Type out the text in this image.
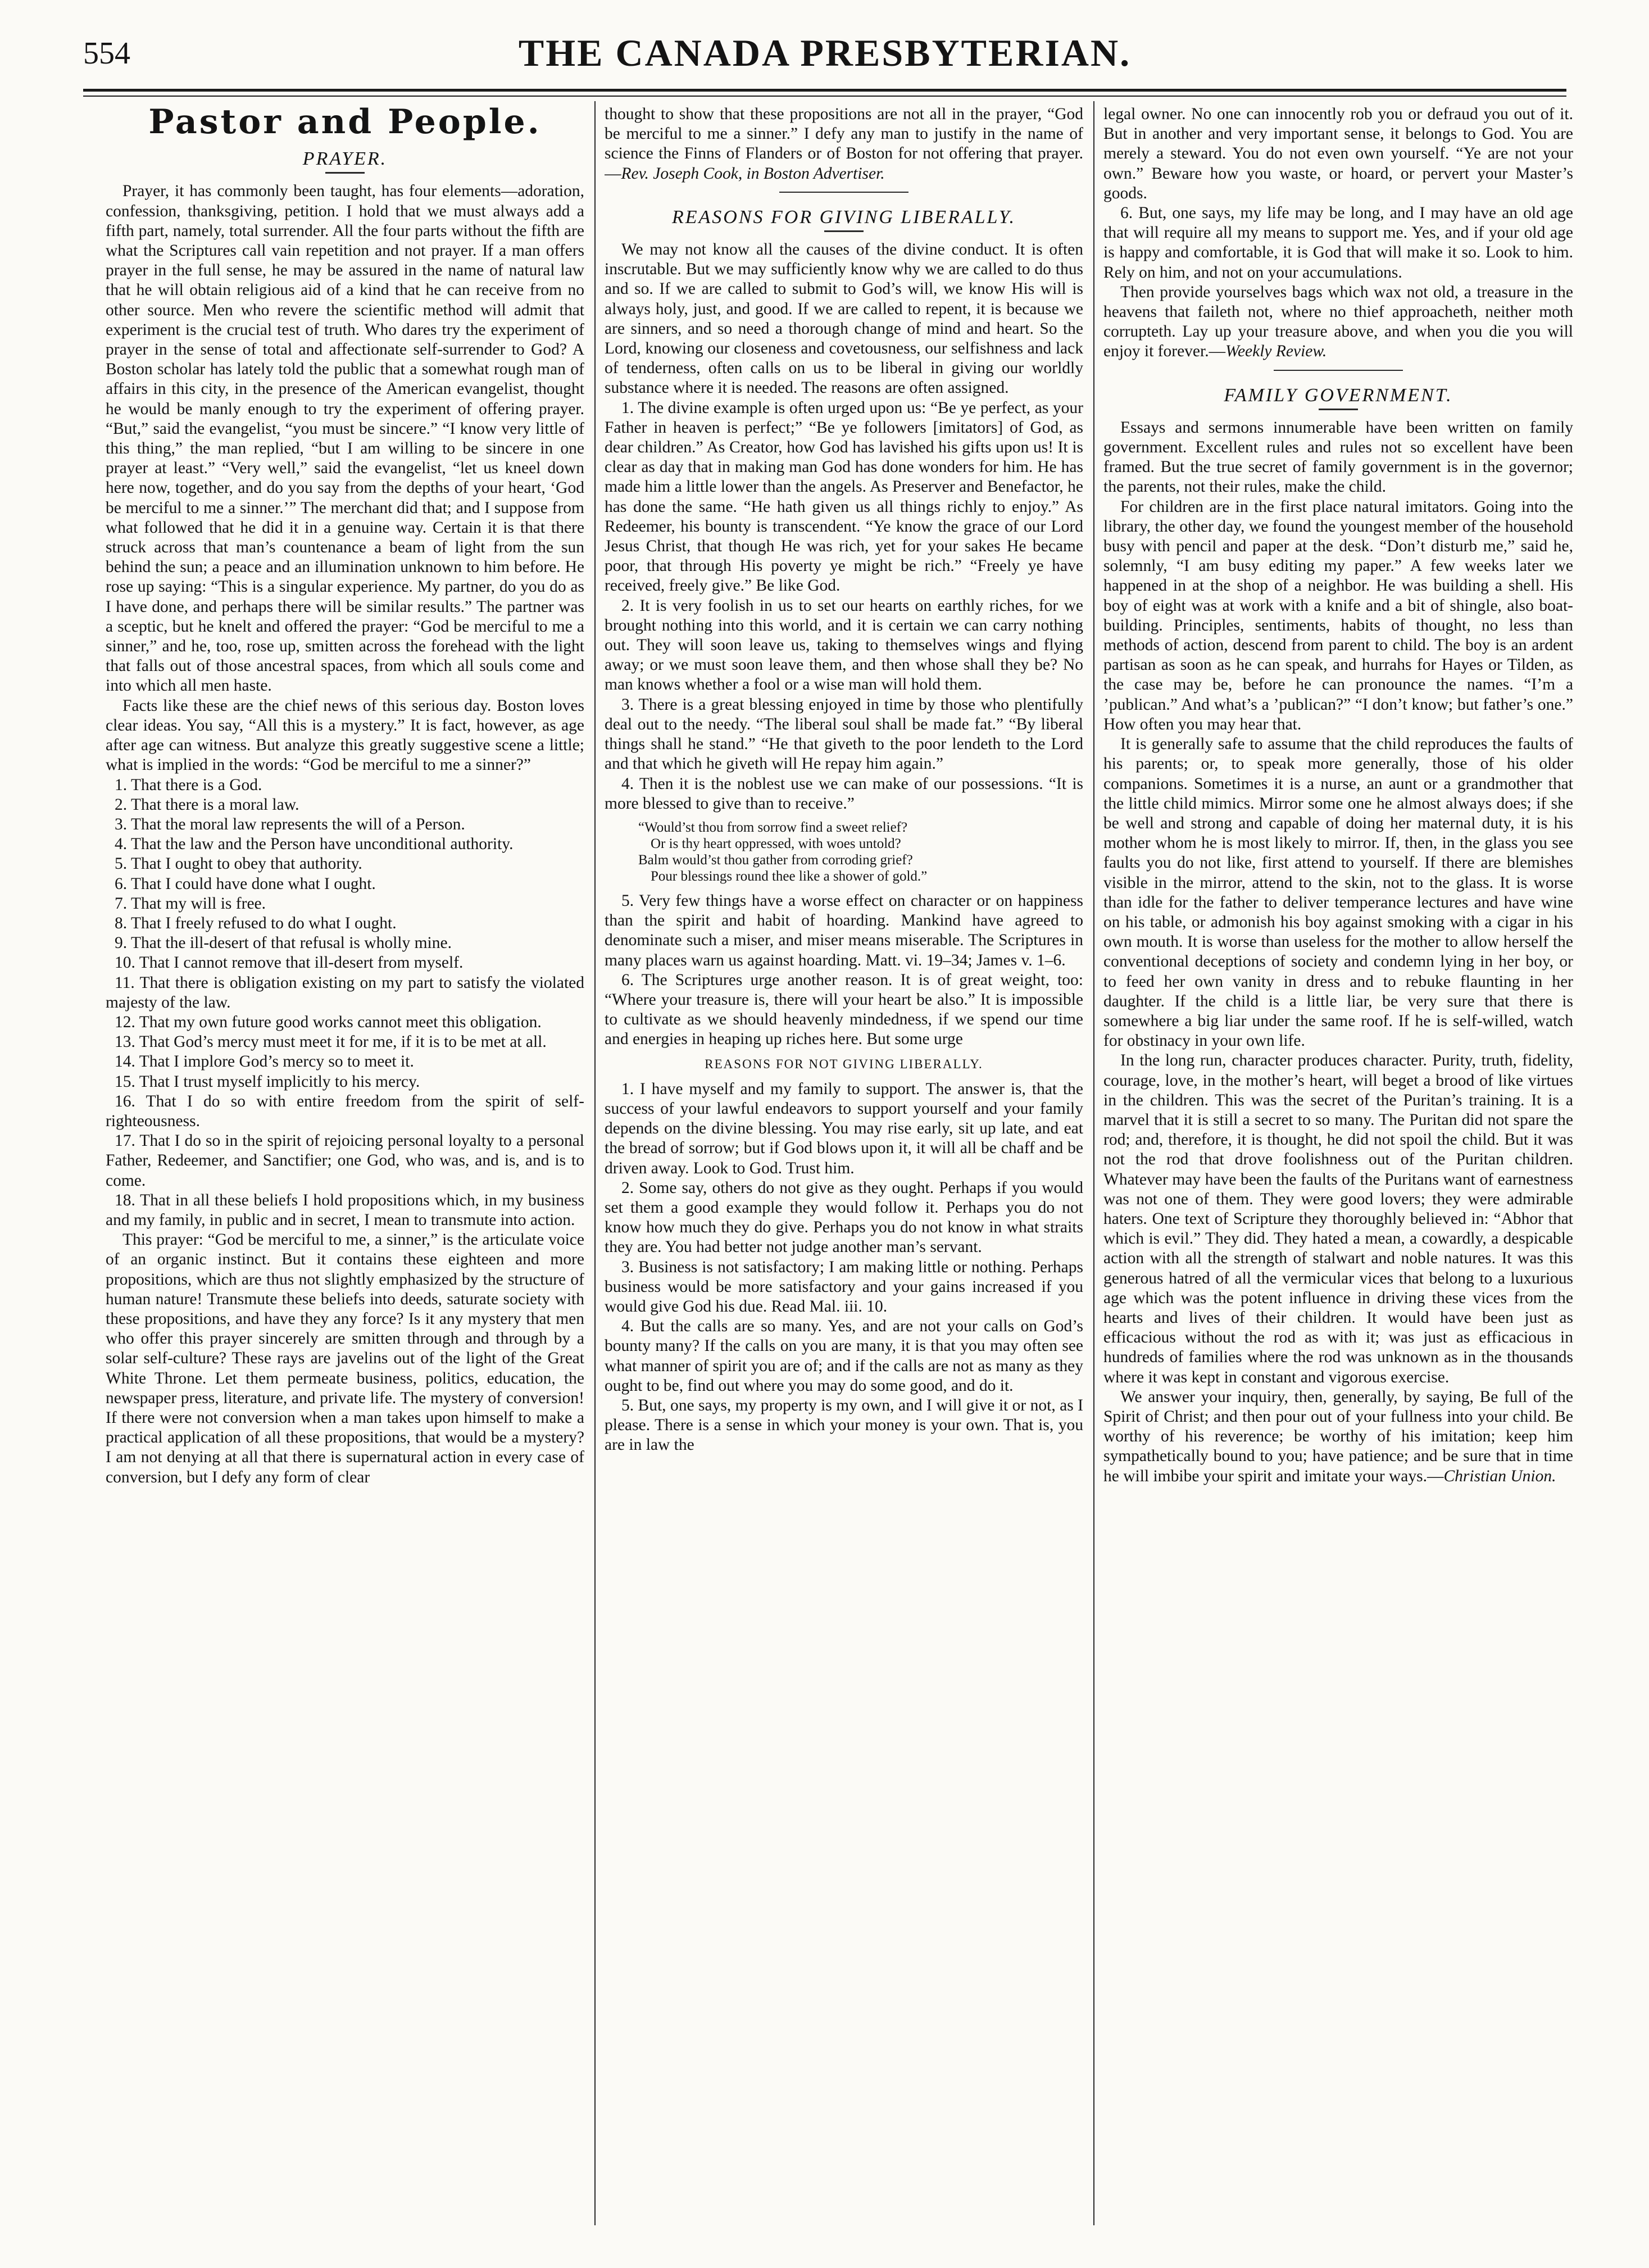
554	THE CANADA PRESBYTERIAN.
Pastor and People.
PRAYER.

Prayer, it has commonly been taught, has four elements—adoration, confession, thanksgiving, petition. I hold that we must always add a fifth part, namely, total surrender. All the four parts without the fifth are what the Scriptures call vain repetition and not prayer. If a man offers prayer in the full sense, he may be assured in the name of natural law that he will obtain religious aid of a kind that he can receive from no other source. Men who revere the scientific method will admit that experiment is the crucial test of truth. Who dares try the experiment of prayer in the sense of total and affectionate self-surrender to God? A Boston scholar has lately told the public that a somewhat rough man of affairs in this city, in the presence of the American evangelist, thought he would be manly enough to try the experiment of offering prayer. “But,” said the evangelist, “you must be sincere.” “I know very little of this thing,” the man replied, “but I am willing to be sincere in one prayer at least.” “Very well,” said the evangelist, “let us kneel down here now, together, and do you say from the depths of your heart, ‘God be merciful to me a sinner.’” The merchant did that; and I suppose from what followed that he did it in a genuine way. Certain it is that there struck across that man’s countenance a beam of light from the sun behind the sun; a peace and an illumination unknown to him before. He rose up saying: “This is a singular experience. My partner, do you do as I have done, and perhaps there will be similar results.” The partner was a sceptic, but he knelt and offered the prayer: “God be merciful to me a sinner,” and he, too, rose up, smitten across the forehead with the light that falls out of those ancestral spaces, from which all souls come and into which all men haste.

Facts like these are the chief news of this serious day. Boston loves clear ideas. You say, “All this is a mystery.” It is fact, however, as age after age can witness. But analyze this greatly suggestive scene a little; what is implied in the words: “God be merciful to me a sinner?”

1. That there is a God.

2. That there is a moral law.

3. That the moral law represents the will of a Person.

4. That the law and the Person have unconditional authority.

5. That I ought to obey that authority.

6. That I could have done what I ought.

7. That my will is free.

8. That I freely refused to do what I ought.

9. That the ill-desert of that refusal is wholly mine.

10. That I cannot remove that ill-desert from myself.

11. That there is obligation existing on my part to satisfy the violated majesty of the law.

12. That my own future good works cannot meet this obligation.

13. That God’s mercy must meet it for me, if it is to be met at all.

14. That I implore God’s mercy so to meet it.

15. That I trust myself implicitly to his mercy.

16. That I do so with entire freedom from the spirit of self-righteousness.

17. That I do so in the spirit of rejoicing personal loyalty to a personal Father, Redeemer, and Sanctifier; one God, who was, and is, and is to come.

18. That in all these beliefs I hold propositions which, in my business and my family, in public and in secret, I mean to transmute into action.

This prayer: “God be merciful to me, a sinner,” is the articulate voice of an organic instinct. But it contains these eighteen and more propositions, which are thus not slightly emphasized by the structure of human nature! Transmute these beliefs into deeds, saturate society with these propositions, and have they any force? Is it any mystery that men who offer this prayer sincerely are smitten through and through by a solar self-culture? These rays are javelins out of the light of the Great White Throne. Let them permeate business, politics, education, the newspaper press, literature, and private life. The mystery of conversion! If there were not conversion when a man takes upon himself to make a practical application of all these propositions, that would be a mystery? I am not denying at all that there is supernatural action in every case of conversion, but I defy any form of clear

thought to show that these propositions are not all in the prayer, “God be merciful to me a sinner.” I defy any man to justify in the name of science the Finns of Flanders or of Boston for not offering that prayer.—Rev. Joseph Cook, in Boston Advertiser.

REASONS FOR GIVING LIBERALLY.

We may not know all the causes of the divine conduct. It is often inscrutable. But we may sufficiently know why we are called to do thus and so. If we are called to submit to God’s will, we know His will is always holy, just, and good. If we are called to repent, it is because we are sinners, and so need a thorough change of mind and heart. So the Lord, knowing our closeness and covetousness, our selfishness and lack of tenderness, often calls on us to be liberal in giving our worldly substance where it is needed. The reasons are often assigned.

1. The divine example is often urged upon us: “Be ye perfect, as your Father in heaven is perfect;” “Be ye followers [imitators] of God, as dear children.” As Creator, how God has lavished his gifts upon us! It is clear as day that in making man God has done wonders for him. He has made him a little lower than the angels. As Preserver and Benefactor, he has done the same. “He hath given us all things richly to enjoy.” As Redeemer, his bounty is transcendent. “Ye know the grace of our Lord Jesus Christ, that though He was rich, yet for your sakes He became poor, that through His poverty ye might be rich.” “Freely ye have received, freely give.” Be like God.

2. It is very foolish in us to set our hearts on earthly riches, for we brought nothing into this world, and it is certain we can carry nothing out. They will soon leave us, taking to themselves wings and flying away; or we must soon leave them, and then whose shall they be? No man knows whether a fool or a wise man will hold them.

3. There is a great blessing enjoyed in time by those who plentifully deal out to the needy. “The liberal soul shall be made fat.” “By liberal things shall he stand.” “He that giveth to the poor lendeth to the Lord and that which he giveth will He repay him again.”

4. Then it is the noblest use we can make of our possessions. “It is more blessed to give than to receive.”

“Would’st thou from sorrow find a sweet relief?
Or is thy heart oppressed, with woes untold?
Balm would’st thou gather from corroding grief?
Pour blessings round thee like a shower of gold.”

5. Very few things have a worse effect on character or on happiness than the spirit and habit of hoarding. Mankind have agreed to denominate such a miser, and miser means miserable. The Scriptures in many places warn us against hoarding. Matt. vi. 19–34; James v. 1–6.

6. The Scriptures urge another reason. It is of great weight, too: “Where your treasure is, there will your heart be also.” It is impossible to cultivate as we should heavenly mindedness, if we spend our time and energies in heaping up riches here. But some urge

REASONS FOR NOT GIVING LIBERALLY.

1. I have myself and my family to support. The answer is, that the success of your lawful endeavors to support yourself and your family depends on the divine blessing. You may rise early, sit up late, and eat the bread of sorrow; but if God blows upon it, it will all be chaff and be driven away. Look to God. Trust him.

2. Some say, others do not give as they ought. Perhaps if you would set them a good example they would follow it. Perhaps you do not know how much they do give. Perhaps you do not know in what straits they are. You had better not judge another man’s servant.

3. Business is not satisfactory; I am making little or nothing. Perhaps business would be more satisfactory and your gains increased if you would give God his due. Read Mal. iii. 10.

4. But the calls are so many. Yes, and are not your calls on God’s bounty many? If the calls on you are many, it is that you may often see what manner of spirit you are of; and if the calls are not as many as they ought to be, find out where you may do some good, and do it.

5. But, one says, my property is my own, and I will give it or not, as I please. There is a sense in which your money is your own. That is, you are in law the

legal owner. No one can innocently rob you or defraud you out of it. But in another and very important sense, it belongs to God. You are merely a steward. You do not even own yourself. “Ye are not your own.” Beware how you waste, or hoard, or pervert your Master’s goods.

6. But, one says, my life may be long, and I may have an old age that will require all my means to support me. Yes, and if your old age is happy and comfortable, it is God that will make it so. Look to him. Rely on him, and not on your accumulations.

Then provide yourselves bags which wax not old, a treasure in the heavens that faileth not, where no thief approacheth, neither moth corrupteth. Lay up your treasure above, and when you die you will enjoy it forever.—Weekly Review.

FAMILY GOVERNMENT.

Essays and sermons innumerable have been written on family government. Excellent rules and rules not so excellent have been framed. But the true secret of family government is in the governor; the parents, not their rules, make the child.

For children are in the first place natural imitators. Going into the library, the other day, we found the youngest member of the household busy with pencil and paper at the desk. “Don’t disturb me,” said he, solemnly, “I am busy editing my paper.” A few weeks later we happened in at the shop of a neighbor. He was building a shell. His boy of eight was at work with a knife and a bit of shingle, also boat-building. Principles, sentiments, habits of thought, no less than methods of action, descend from parent to child. The boy is an ardent partisan as soon as he can speak, and hurrahs for Hayes or Tilden, as the case may be, before he can pronounce the names. “I’m a ’publican.” And what’s a ’publican?” “I don’t know; but father’s one.” How often you may hear that.

It is generally safe to assume that the child reproduces the faults of his parents; or, to speak more generally, those of his older companions. Sometimes it is a nurse, an aunt or a grandmother that the little child mimics. Mirror some one he almost always does; if she be well and strong and capable of doing her maternal duty, it is his mother whom he is most likely to mirror. If, then, in the glass you see faults you do not like, first attend to yourself. If there are blemishes visible in the mirror, attend to the skin, not to the glass. It is worse than idle for the father to deliver temperance lectures and have wine on his table, or admonish his boy against smoking with a cigar in his own mouth. It is worse than useless for the mother to allow herself the conventional deceptions of society and condemn lying in her boy, or to feed her own vanity in dress and to rebuke flaunting in her daughter. If the child is a little liar, be very sure that there is somewhere a big liar under the same roof. If he is self-willed, watch for obstinacy in your own life.

In the long run, character produces character. Purity, truth, fidelity, courage, love, in the mother’s heart, will beget a brood of like virtues in the children. This was the secret of the Puritan’s training. It is a marvel that it is still a secret to so many. The Puritan did not spare the rod; and, therefore, it is thought, he did not spoil the child. But it was not the rod that drove foolishness out of the Puritan children. Whatever may have been the faults of the Puritans want of earnestness was not one of them. They were good lovers; they were admirable haters. One text of Scripture they thoroughly believed in: “Abhor that which is evil.” They did. They hated a mean, a cowardly, a despicable action with all the strength of stalwart and noble natures. It was this generous hatred of all the vermicular vices that belong to a luxurious age which was the potent influence in driving these vices from the hearts and lives of their children. It would have been just as efficacious without the rod as with it; was just as efficacious in hundreds of families where the rod was unknown as in the thousands where it was kept in constant and vigorous exercise.

We answer your inquiry, then, generally, by saying, Be full of the Spirit of Christ; and then pour out of your fullness into your child. Be worthy of his reverence; be worthy of his imitation; keep him sympathetically bound to you; have patience; and be sure that in time he will imbibe your spirit and imitate your ways.—Christian Union.
